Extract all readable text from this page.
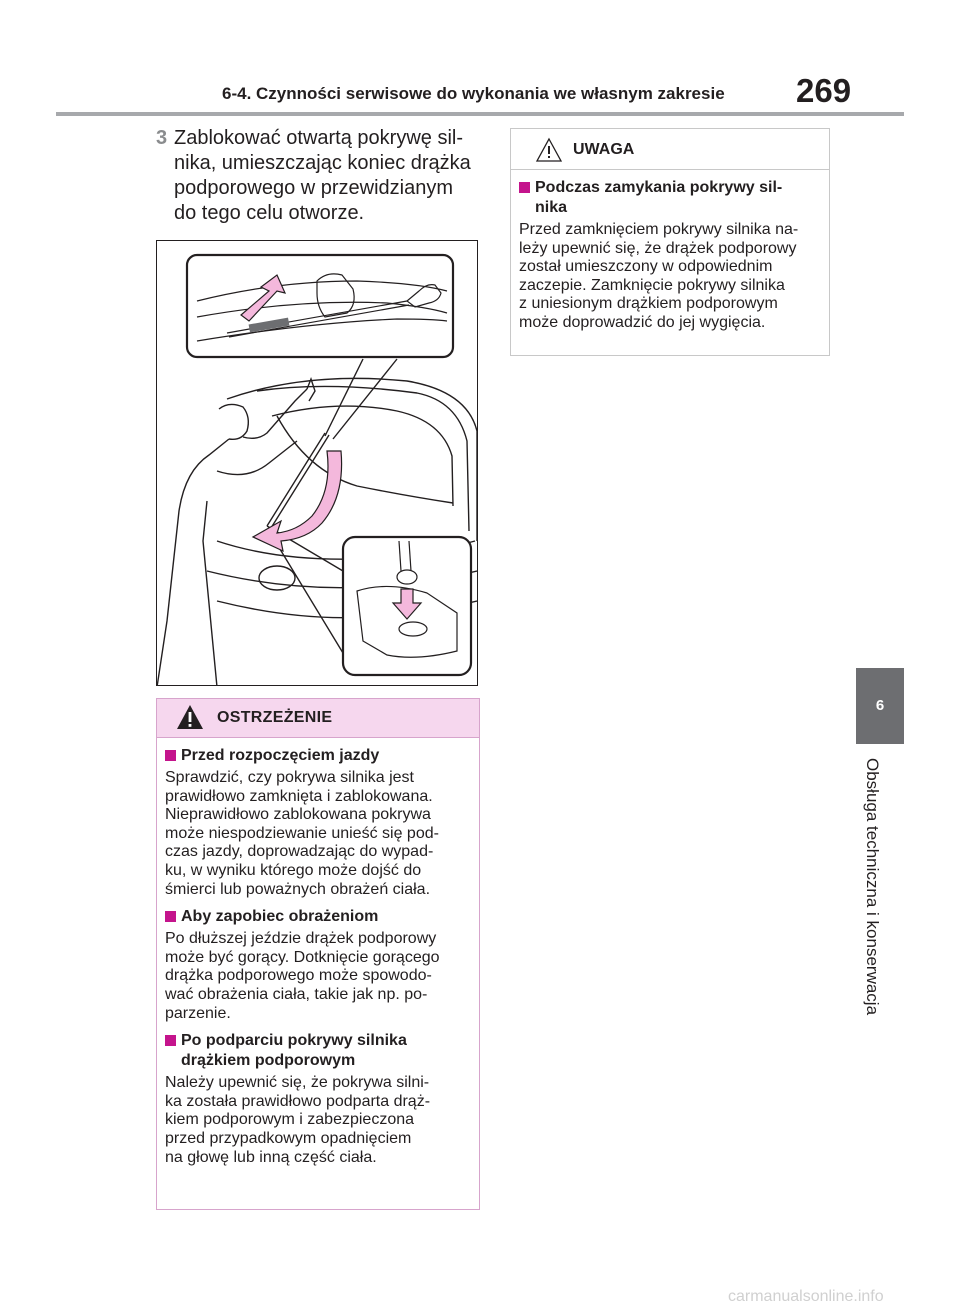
6-4. Czynności serwisowe do wykonania we własnym zakresie 269
3 Zablokować otwartą pokrywę sil-
nika, umieszczając koniec drążka
podporowego w przewidzianym
do tego celu otworze.
OSTRZEŻENIE
Przed rozpoczęciem jazdy
Sprawdzić, czy pokrywa silnika jest
prawidłowo zamknięta i zablokowana.
Nieprawidłowo zablokowana pokrywa
może niespodziewanie unieść się pod-
czas jazdy, doprowadzając do wypad-
ku, w wyniku którego może dojść do
śmierci lub poważnych obrażeń ciała.
Aby zapobiec obrażeniom
Po dłuższej jeździe drążek podporowy
może być gorący. Dotknięcie gorącego
drążka podporowego może spowodo-
wać obrażenia ciała, takie jak np. po-
parzenie.
Po podparciu pokrywy silnika
drążkiem podporowym
Należy upewnić się, że pokrywa silni-
ka została prawidłowo podparta drąż-
kiem podporowym i zabezpieczona
przed przypadkowym opadnięciem
na głowę lub inną część ciała.
UWAGA
Podczas zamykania pokrywy sil-
nika
Przed zamknięciem pokrywy silnika na-
leży upewnić się, że drążek podporowy
został umieszczony w odpowiednim
zaczepie. Zamknięcie pokrywy silnika
z uniesionym drążkiem podporowym
może doprowadzić do jej wygięcia.
6
Obsługa techniczna i konserwacja
carmanualsonline.info
